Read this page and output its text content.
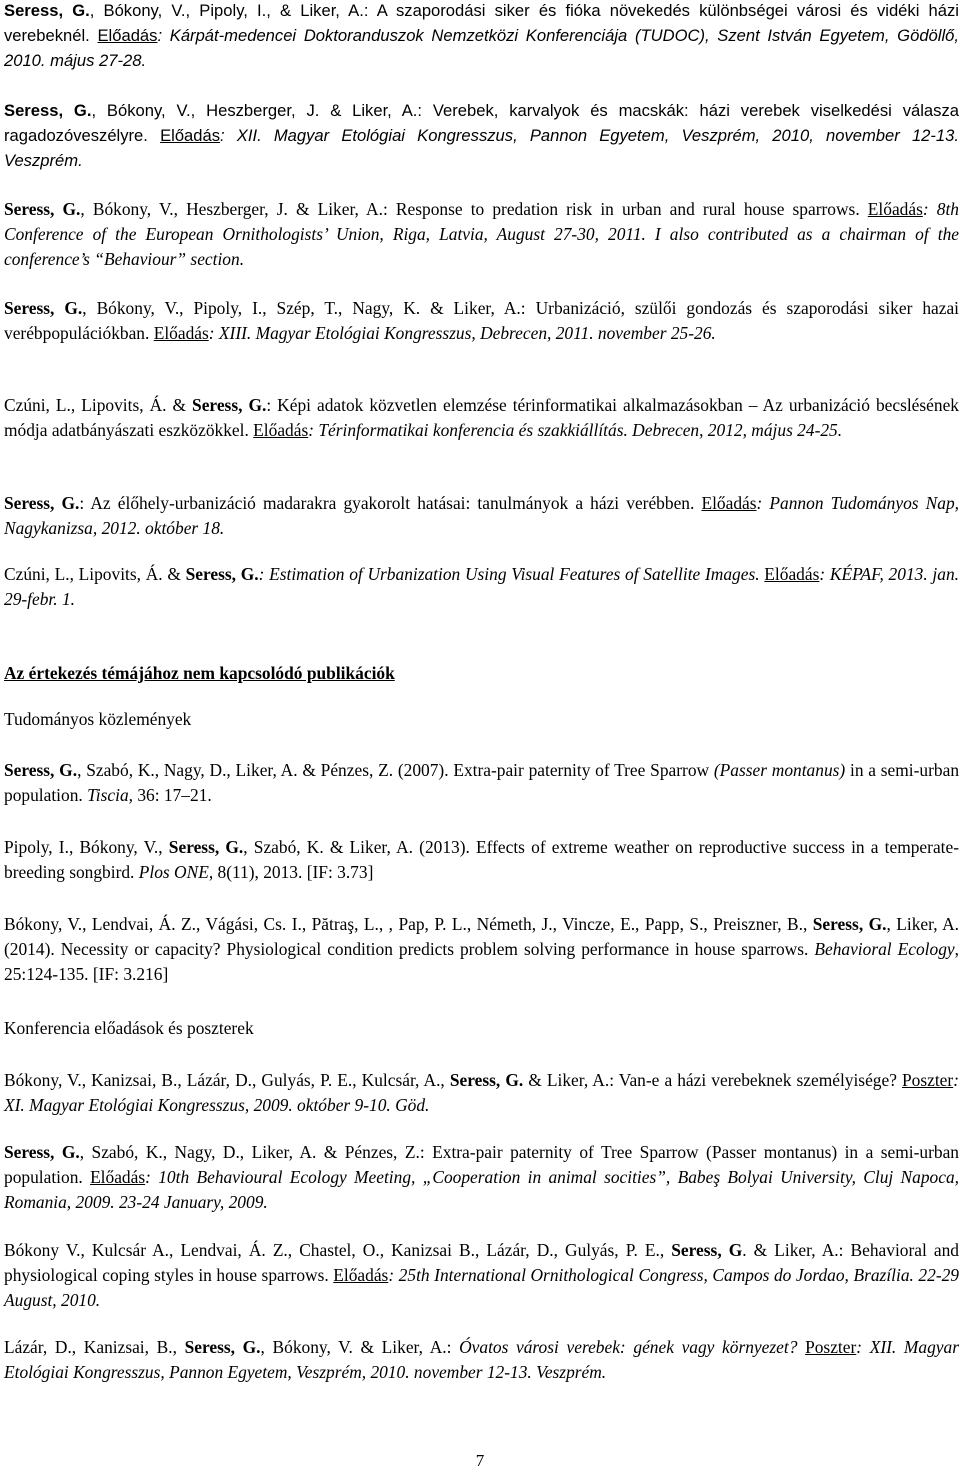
Seress, G., Bókony, V., Pipoly, I., & Liker, A.: A szaporodási siker és fióka növekedés különbségei városi és vidéki házi verebeknél. Előadás: Kárpát-medencei Doktoranduszok Nemzetközi Konferenciája (TUDOC), Szent István Egyetem, Gödöllő, 2010. május 27-28.
Seress, G., Bókony, V., Heszberger, J. & Liker, A.: Verebek, karvalyok és macskák: házi verebek viselkedési válasza ragadozóveszélyre. Előadás: XII. Magyar Etológiai Kongresszus, Pannon Egyetem, Veszprém, 2010, november 12-13. Veszprém.
Seress, G., Bókony, V., Heszberger, J. & Liker, A.: Response to predation risk in urban and rural house sparrows. Előadás: 8th Conference of the European Ornithologists’ Union, Riga, Latvia, August 27-30, 2011. I also contributed as a chairman of the conference’s “Behaviour” section.
Seress, G., Bókony, V., Pipoly, I., Szép, T., Nagy, K. & Liker, A.: Urbanizáció, szülői gondozás és szaporodási siker hazai verébpopulációkban. Előadás: XIII. Magyar Etológiai Kongresszus, Debrecen, 2011. november 25-26.
Czúni, L., Lipovits, Á. & Seress, G.: Képi adatok közvetlen elemzése térinformatikai alkalmazásokban – Az urbanizáció becslésének módja adatbányászati eszközökkel. Előadás: Térinformatikai konferencia és szakkiállítás. Debrecen, 2012, május 24-25.
Seress, G.: Az élőhely-urbanizáció madarakra gyakorolt hatásai: tanulmányok a házi verébben. Előadás: Pannon Tudományos Nap, Nagykanizsa, 2012. október 18.
Czúni, L., Lipovits, Á. & Seress, G.: Estimation of Urbanization Using Visual Features of Satellite Images. Előadás: KÉPAF, 2013. jan. 29-febr. 1.
Az értekezés témájához nem kapcsolódó publikációk
Tudományos közlemények
Seress, G., Szabó, K., Nagy, D., Liker, A. & Pénzes, Z. (2007). Extra-pair paternity of Tree Sparrow (Passer montanus) in a semi-urban population. Tiscia, 36: 17–21.
Pipoly, I., Bókony, V., Seress, G., Szabó, K. & Liker, A. (2013). Effects of extreme weather on reproductive success in a temperate-breeding songbird. Plos ONE, 8(11), 2013. [IF: 3.73]
Bókony, V., Lendvai, Á. Z., Vágási, Cs. I., Pătraş, L., , Pap, P. L., Németh, J., Vincze, E., Papp, S., Preiszner, B., Seress, G., Liker, A. (2014). Necessity or capacity? Physiological condition predicts problem solving performance in house sparrows. Behavioral Ecology, 25:124-135. [IF: 3.216]
Konferencia előadások és poszterek
Bókony, V., Kanizsai, B., Lázár, D., Gulyás, P. E., Kulcsár, A., Seress, G. & Liker, A.: Van-e a házi verebeknek személyisége? Poszter: XI. Magyar Etológiai Kongresszus, 2009. október 9-10. Göd.
Seress, G., Szabó, K., Nagy, D., Liker, A. & Pénzes, Z.: Extra-pair paternity of Tree Sparrow (Passer montanus) in a semi-urban population. Előadás: 10th Behavioural Ecology Meeting, „Cooperation in animal socities”, Babeş Bolyai University, Cluj Napoca, Romania, 2009. 23-24 January, 2009.
Bókony V., Kulcsár A., Lendvai, Á. Z., Chastel, O., Kanizsai B., Lázár, D., Gulyás, P. E., Seress, G. & Liker, A.: Behavioral and physiological coping styles in house sparrows. Előadás: 25th International Ornithological Congress, Campos do Jordao, Brazília. 22-29 August, 2010.
Lázár, D., Kanizsai, B., Seress, G., Bókony, V. & Liker, A.: Óvatos városi verebek: gének vagy környezet? Poszter: XII. Magyar Etológiai Kongresszus, Pannon Egyetem, Veszprém, 2010. november 12-13. Veszprém.
7
